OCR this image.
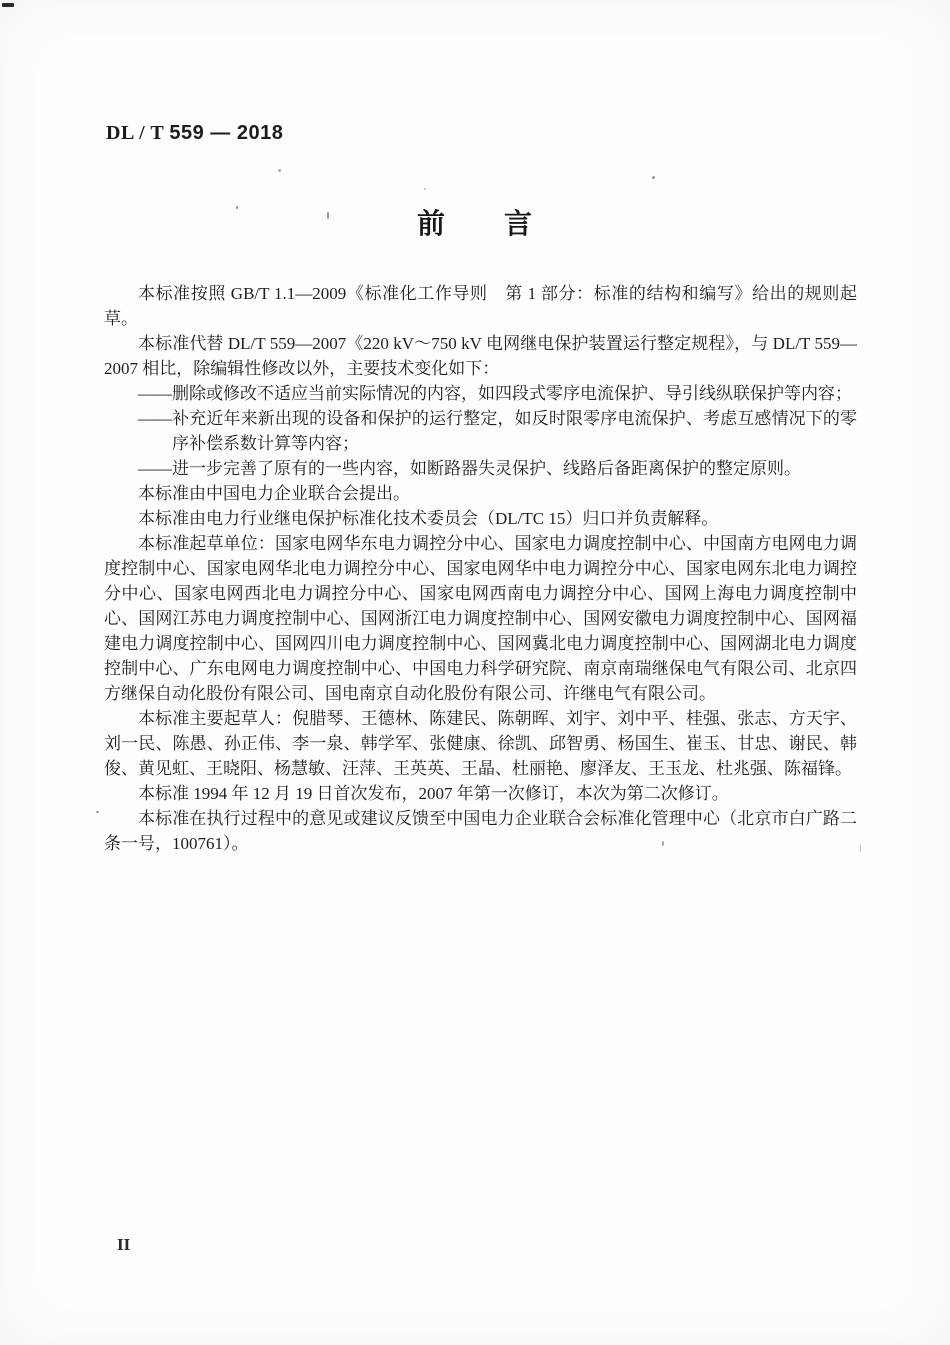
DL / T 559 — 2018
前　　言

本标准按照 GB/T 1.1—2009《标准化工作导则　第 1 部分：标准的结构和编写》给出的规则起草。

本标准代替 DL/T 559—2007《220 kV～750 kV 电网继电保护装置运行整定规程》，与 DL/T 559—2007 相比，除编辑性修改以外，主要技术变化如下：

——删除或修改不适应当前实际情况的内容，如四段式零序电流保护、导引线纵联保护等内容；

——补充近年来新出现的设备和保护的运行整定，如反时限零序电流保护、考虑互感情况下的零序补偿系数计算等内容；

——进一步完善了原有的一些内容，如断路器失灵保护、线路后备距离保护的整定原则。

本标准由中国电力企业联合会提出。

本标准由电力行业继电保护标准化技术委员会（DL/TC 15）归口并负责解释。

本标准起草单位：国家电网华东电力调控分中心、国家电力调度控制中心、中国南方电网电力调度控制中心、国家电网华北电力调控分中心、国家电网华中电力调控分中心、国家电网东北电力调控分中心、国家电网西北电力调控分中心、国家电网西南电力调控分中心、国网上海电力调度控制中心、国网江苏电力调度控制中心、国网浙江电力调度控制中心、国网安徽电力调度控制中心、国网福建电力调度控制中心、国网四川电力调度控制中心、国网冀北电力调度控制中心、国网湖北电力调度控制中心、广东电网电力调度控制中心、中国电力科学研究院、南京南瑞继保电气有限公司、北京四方继保自动化股份有限公司、国电南京自动化股份有限公司、许继电气有限公司。

本标准主要起草人：倪腊琴、王德林、陈建民、陈朝晖、刘宇、刘中平、桂强、张志、方天宇、刘一民、陈愚、孙正伟、李一泉、韩学军、张健康、徐凯、邱智勇、杨国生、崔玉、甘忠、谢民、韩俊、黄见虹、王晓阳、杨慧敏、汪萍、王英英、王晶、杜丽艳、廖泽友、王玉龙、杜兆强、陈福锋。

本标准 1994 年 12 月 19 日首次发布，2007 年第一次修订，本次为第二次修订。

本标准在执行过程中的意见或建议反馈至中国电力企业联合会标准化管理中心（北京市白广路二条一号，100761）。

II
